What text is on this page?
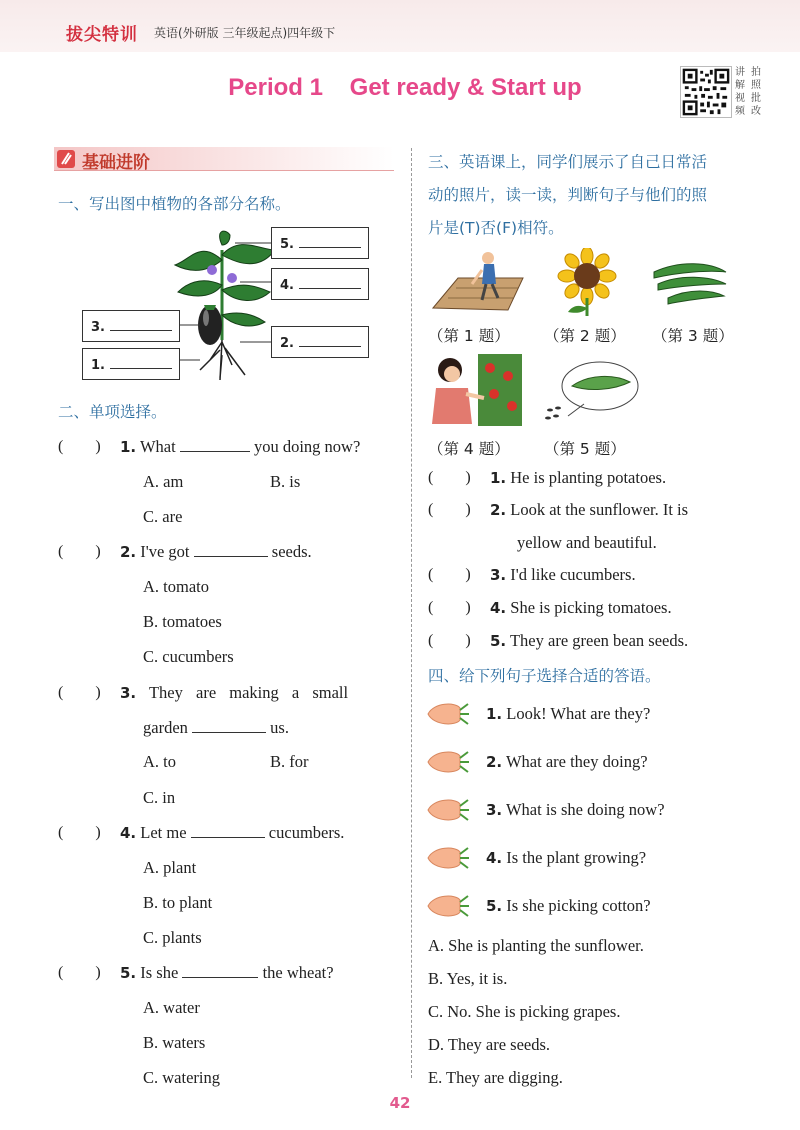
拔尖特训 英语(外研版 三年级起点)四年级下
Period 1 Get ready & Start up
讲 拍
解 照
视 批
频 改
基础进阶
一、写出图中植物的各部分名称。
5.
4.
3.
2.
1.
二、单项选择。
(        ) 1. What	you doing now?
A. am	B. is
C. are
(        ) 2. I've got	seeds.
A. tomato
B. tomatoes
C. cucumbers
(        ) 3. They are making a small
garden	us.
A. to	B. for
C. in
(        ) 4. Let me	cucumbers.
A. plant
B. to plant
C. plants
(        ) 5. Is she	the wheat?
A. water
B. waters
C. watering
三、英语课上，同学们展示了自己日常活
动的照片，读一读，判断句子与他们的照
片是(T)否(F)相符。
（第 1 题） （第 2 题） （第 3 题）
（第 4 题） （第 5 题）
(        ) 1. He is planting potatoes.
(        ) 2. Look at the sunflower. It is
yellow and beautiful.
(        ) 3. I'd like cucumbers.
(        ) 4. She is picking tomatoes.
(        ) 5. They are green bean seeds.
四、给下列句子选择合适的答语。
1. Look! What are they?
2. What are they doing?
3. What is she doing now?
4. Is the plant growing?
5. Is she picking cotton?
A. She is planting the sunflower.
B. Yes, it is.
C. No. She is picking grapes.
D. They are seeds.
E. They are digging.
42
